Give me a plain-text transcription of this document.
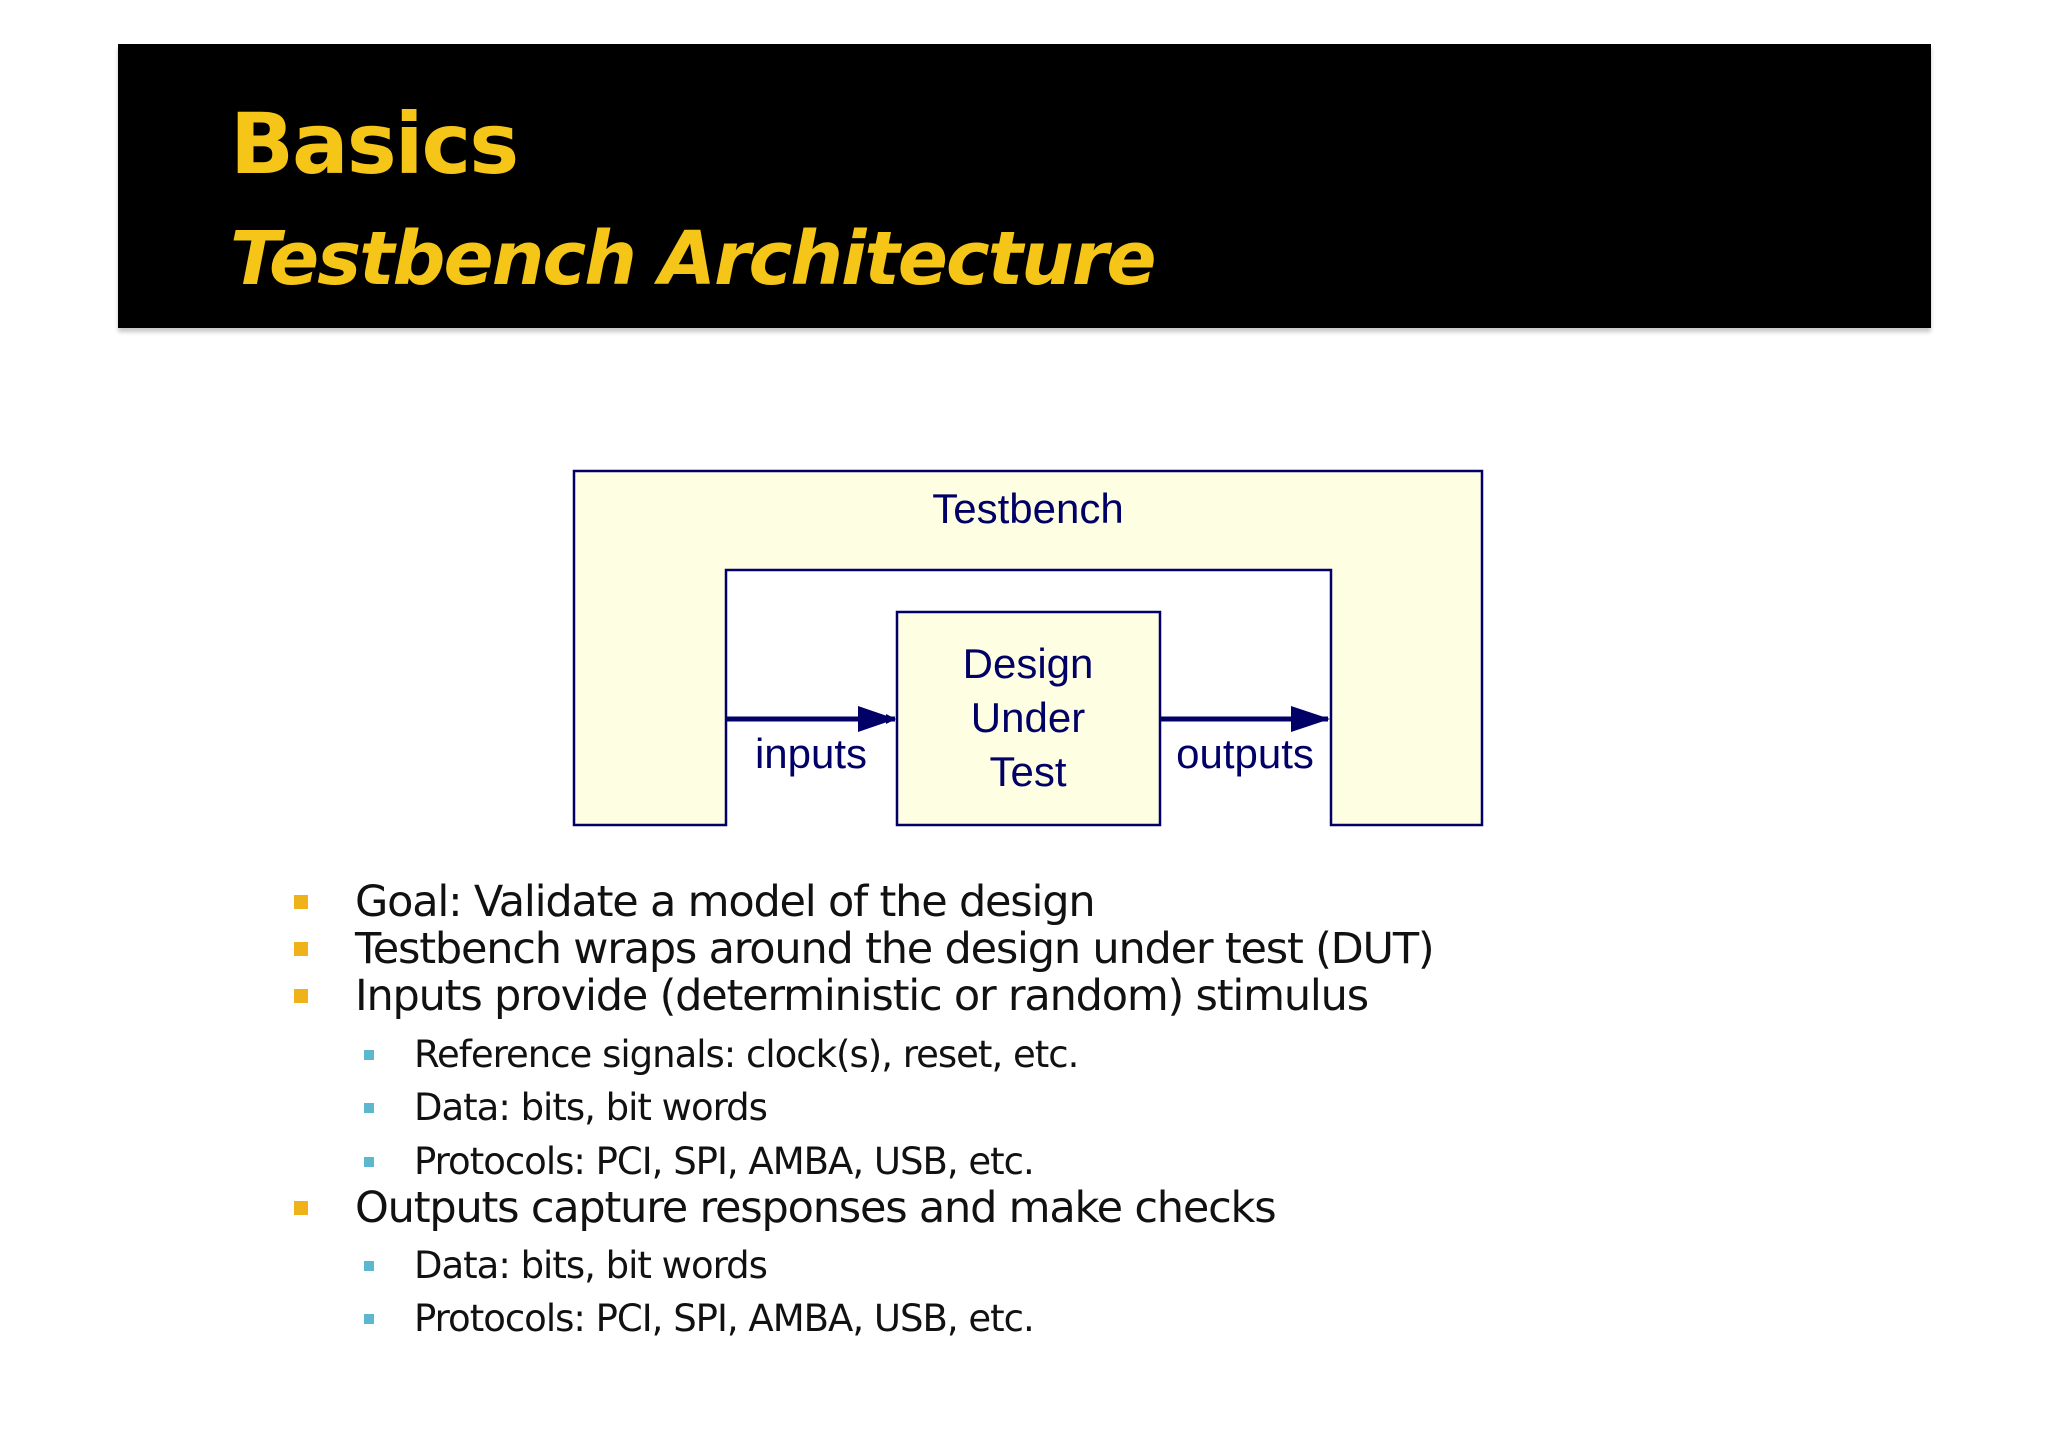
Basics
Testbench Architecture
Testbench
Design
Under
Test
inputs	outputs
Goal: Validate a model of the design
Testbench wraps around the design under test (DUT)
Inputs provide (deterministic or random) stimulus
Reference signals: clock(s), reset, etc.
Data: bits, bit words
Protocols: PCI, SPI, AMBA, USB, etc.
Outputs capture responses and make checks
Data: bits, bit words
Protocols: PCI, SPI, AMBA, USB, etc.
